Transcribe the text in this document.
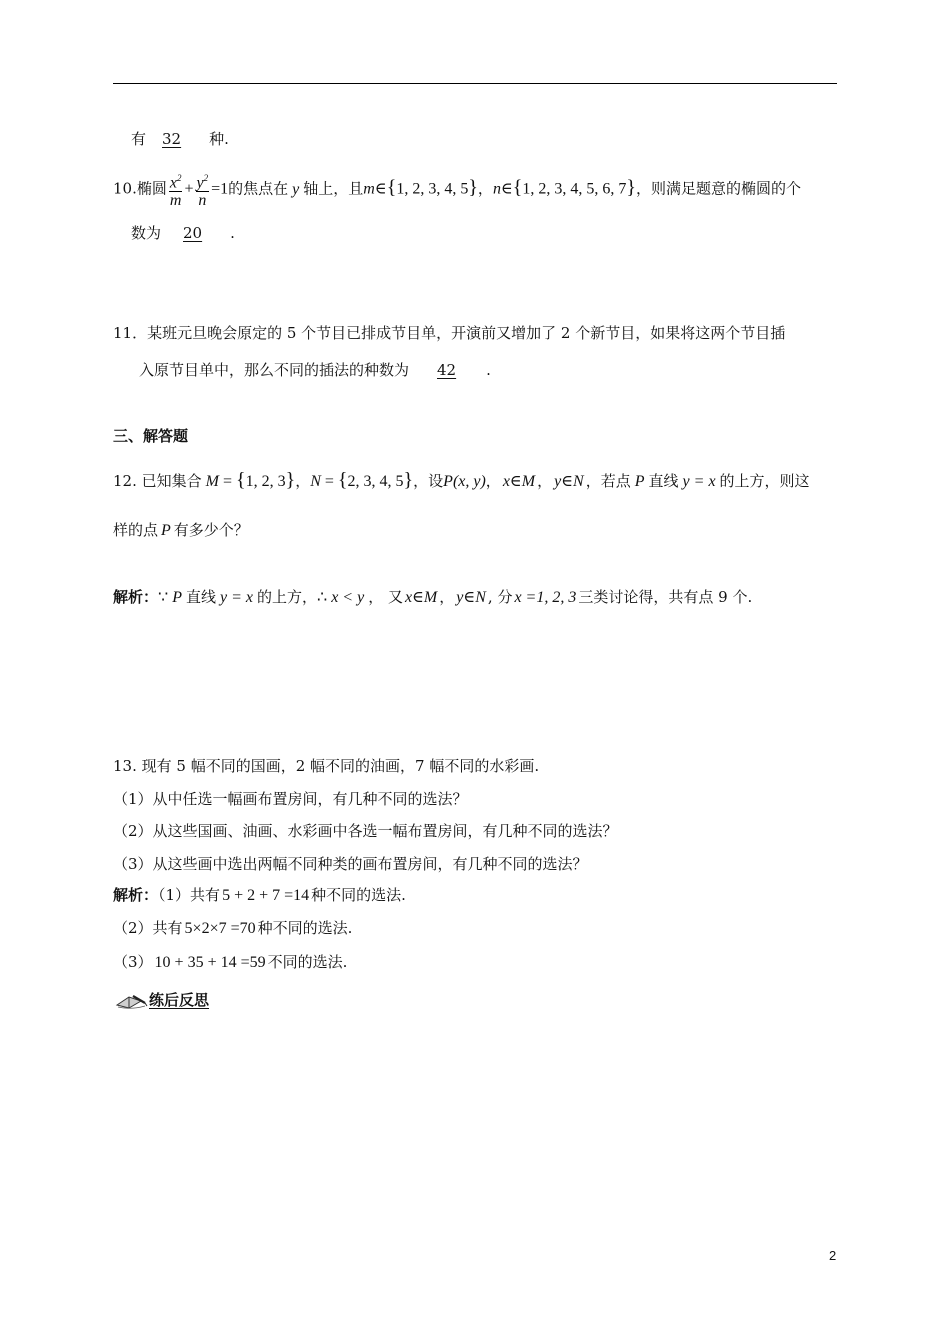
有 32 种.
10.椭圆 $\frac{x^2}{m} + \frac{y^2}{n} =1$的焦点在 y 轴上，且m∈{1, 2, 3, 4, 5}，n∈{1, 2, 3, 4, 5, 6, 7}，则满足题意的椭圆的个
数为 20 .
11．某班元旦晚会原定的 5 个节目已排成节目单，开演前又增加了 2 个新节目，如果将这两个节目插
入原节目单中，那么不同的插法的种数为 42 .
三、解答题
12. 已知集合 M = {1, 2, 3}，N = {2, 3, 4, 5}，设P(x, y)， x∈M ， y∈N ，若点 P 直线 y = x 的上方，则这
样的点 P 有多少个？
解析：∵ P 直线 y = x 的上方，∴ x < y ， 又 x∈M ， y∈N , 分 x =1, 2, 3 三类讨论得，共有点 9 个.
13. 现有 5 幅不同的国画，2 幅不同的油画，7 幅不同的水彩画.
（1）从中任选一幅画布置房间，有几种不同的选法？
（2）从这些国画、油画、水彩画中各选一幅布置房间，有几种不同的选法？
（3）从这些画中选出两幅不同种类的画布置房间，有几种不同的选法？
解析：（1）共有 5 + 2 + 7 =14 种不同的选法.
（2）共有 5×2×7 =70 种不同的选法.
（3） 10 + 35 + 14 =59 不同的选法.
练后反思
2
